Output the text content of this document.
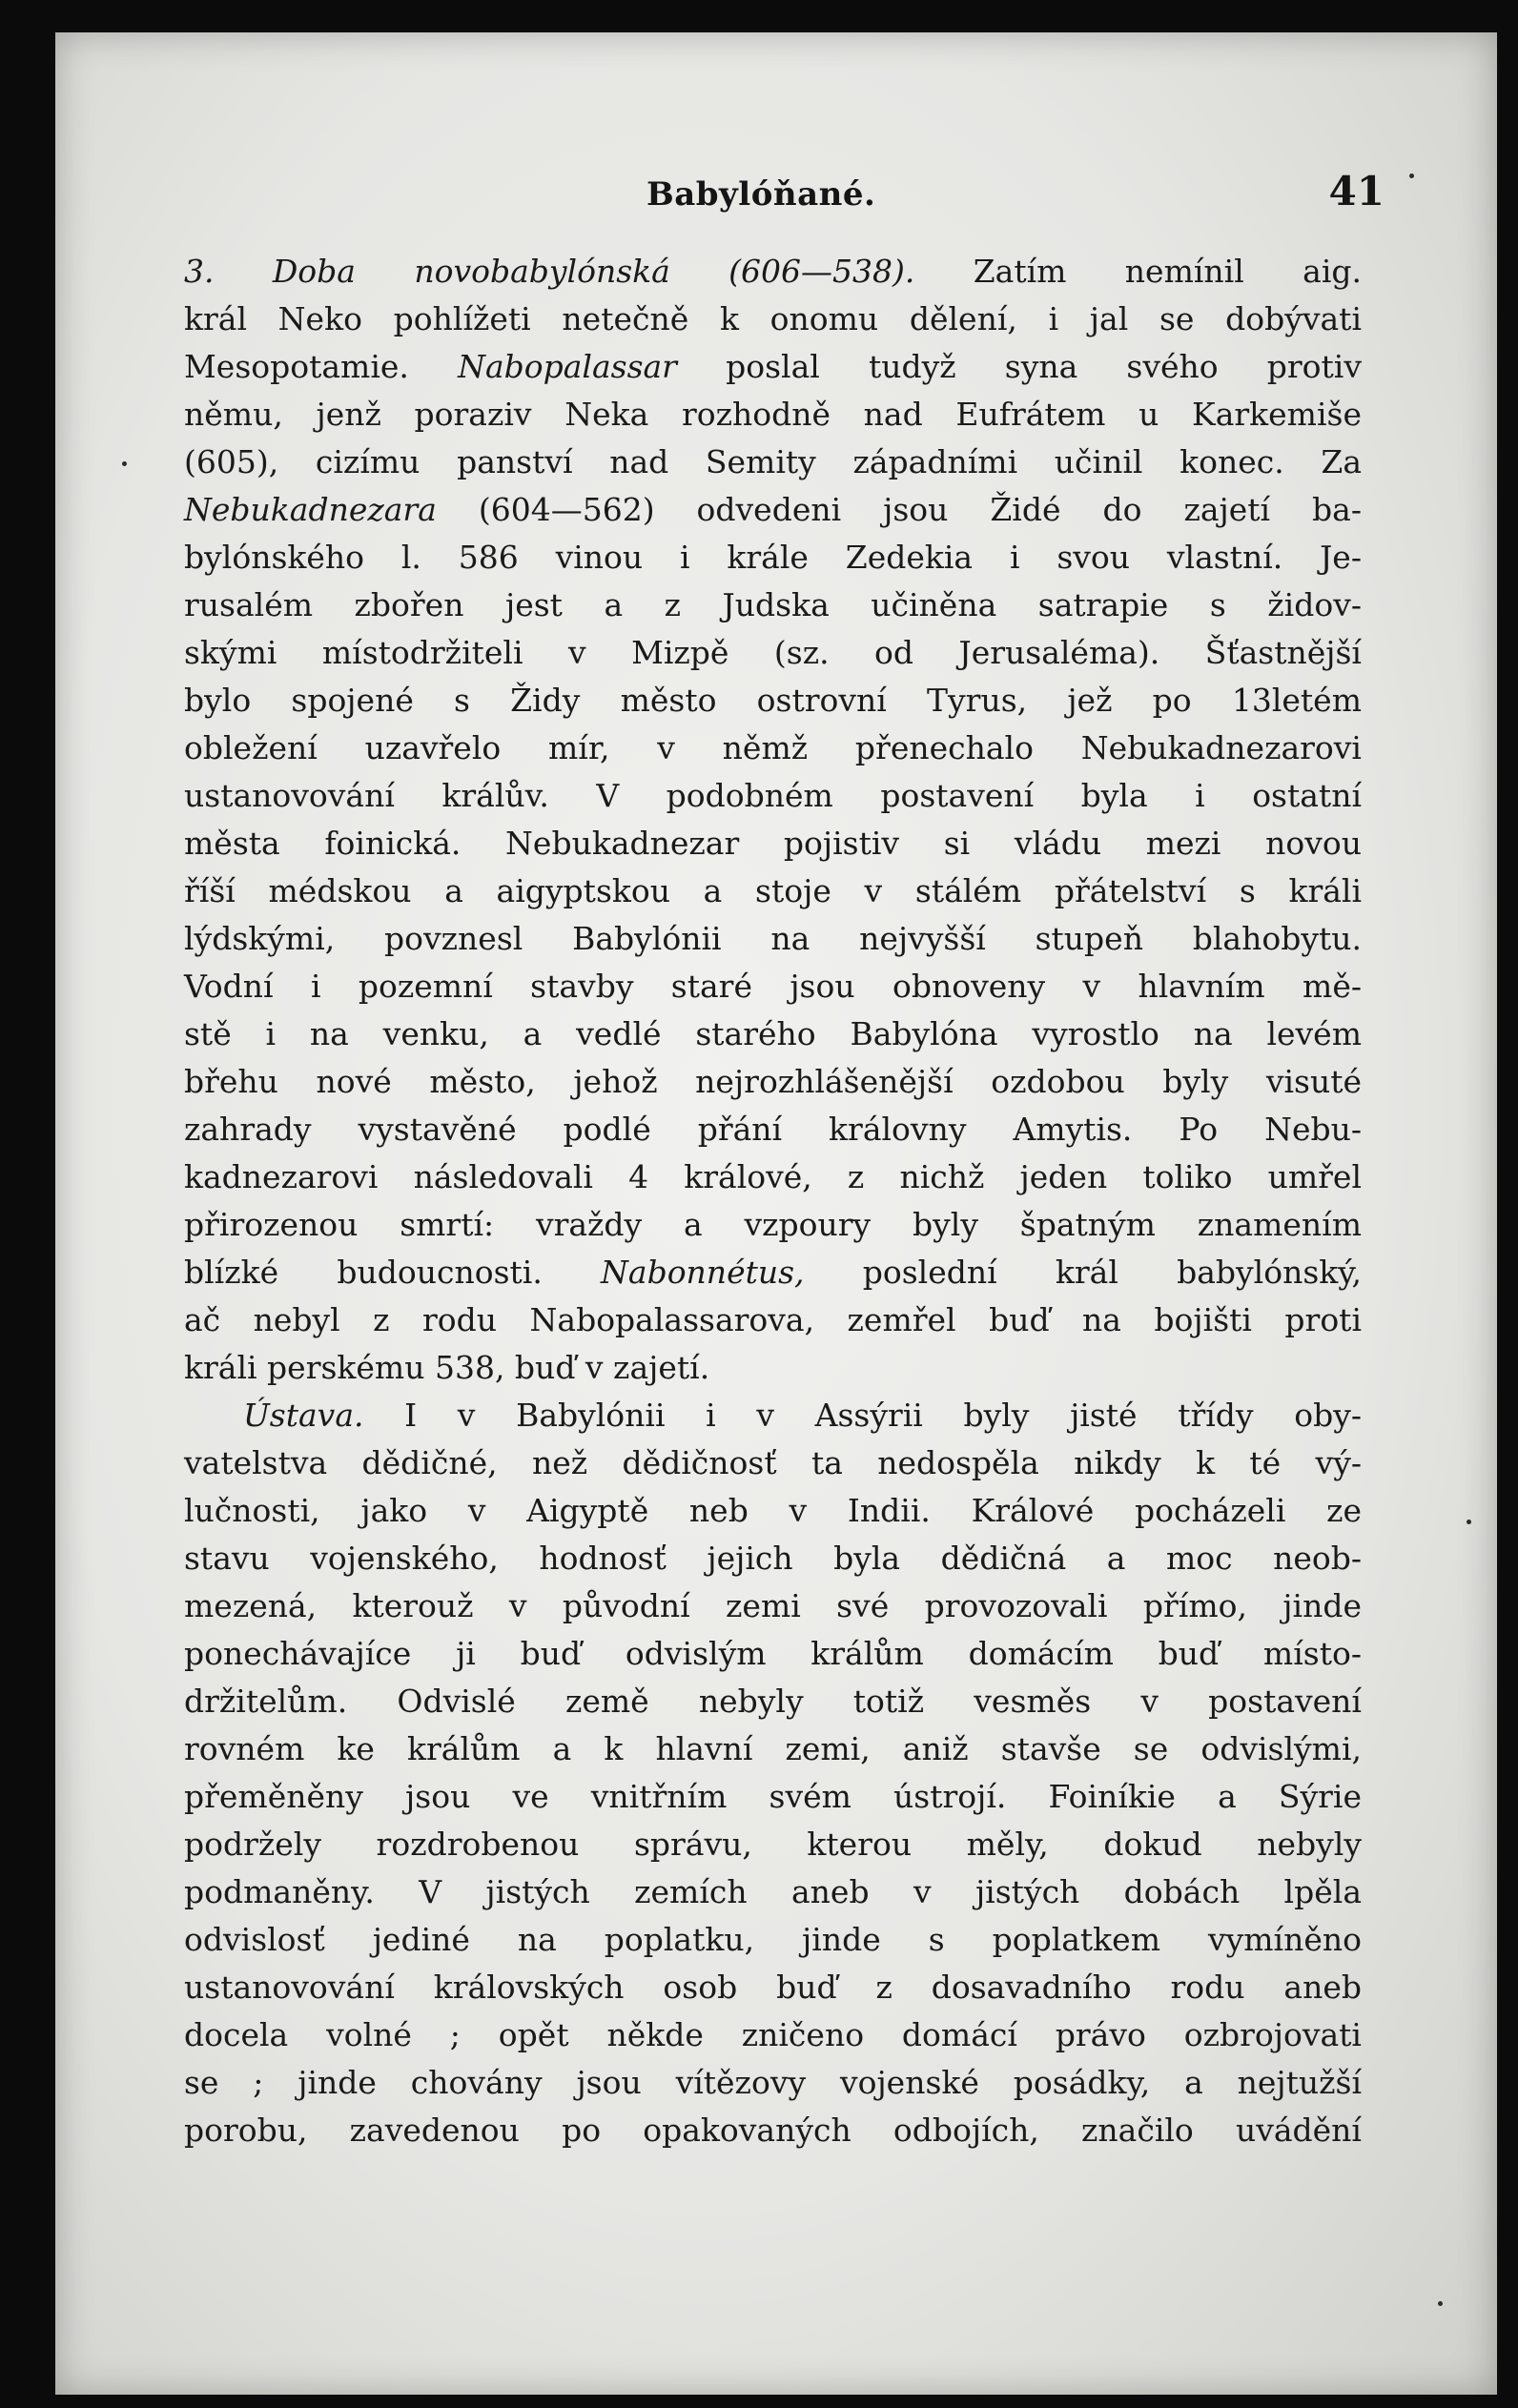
Babylóňané.	41
3. Doba novobabylónská (606—538). Zatím nemínil aig.
král Neko pohlížeti netečně k onomu dělení, i jal se dobývati
Mesopotamie. Nabopalassar poslal tudyž syna svého protiv
němu, jenž poraziv Neka rozhodně nad Eufrátem u Karkemiše
(605), cizímu panství nad Semity západními učinil konec. Za
Nebukadnezara (604—562) odvedeni jsou Židé do zajetí ba-
bylónského l. 586 vinou i krále Zedekia i svou vlastní. Je-
rusalém zbořen jest a z Judska učiněna satrapie s židov-
skými místodržiteli v Mizpě (sz. od Jerusaléma). Šťastnější
bylo spojené s Židy město ostrovní Tyrus, jež po 13letém
obležení uzavřelo mír, v němž přenechalo Nebukadnezarovi
ustanovování králův. V podobném postavení byla i ostatní
města foinická. Nebukadnezar pojistiv si vládu mezi novou
říší médskou a aigyptskou a stoje v stálém přátelství s králi
lýdskými, povznesl Babylónii na nejvyšší stupeň blahobytu.
Vodní i pozemní stavby staré jsou obnoveny v hlavním mě-
stě i na venku, a vedlé starého Babylóna vyrostlo na levém
břehu nové město, jehož nejrozhlášenější ozdobou byly visuté
zahrady vystavěné podlé přání královny Amytis. Po Nebu-
kadnezarovi následovali 4 králové, z nichž jeden toliko umřel
přirozenou smrtí: vraždy a vzpoury byly špatným znamením
blízké budoucnosti. Nabonnétus, poslední král babylónský,
ač nebyl z rodu Nabopalassarova, zemřel buď na bojišti proti
králi perskému 538, buď v zajetí.
Ústava. I v Babylónii i v Assýrii byly jisté třídy oby-
vatelstva dědičné, než dědičnosť ta nedospěla nikdy k té vý-
lučnosti, jako v Aigyptě neb v Indii. Králové pocházeli ze
stavu vojenského, hodnosť jejich byla dědičná a moc neob-
mezená, kterouž v původní zemi své provozovali přímo, jinde
ponechávajíce ji buď odvislým králům domácím buď místo-
držitelům. Odvislé země nebyly totiž vesměs v postavení
rovném ke králům a k hlavní zemi, aniž stavše se odvislými,
přeměněny jsou ve vnitřním svém ústrojí. Foiníkie a Sýrie
podržely rozdrobenou správu, kterou měly, dokud nebyly
podmaněny. V jistých zemích aneb v jistých dobách lpěla
odvislosť jediné na poplatku, jinde s poplatkem vymíněno
ustanovování královských osob buď z dosavadního rodu aneb
docela volné ; opět někde zničeno domácí právo ozbrojovati
se ; jinde chovány jsou vítězovy vojenské posádky, a nejtužší
porobu, zavedenou po opakovaných odbojích, značilo uvádění
